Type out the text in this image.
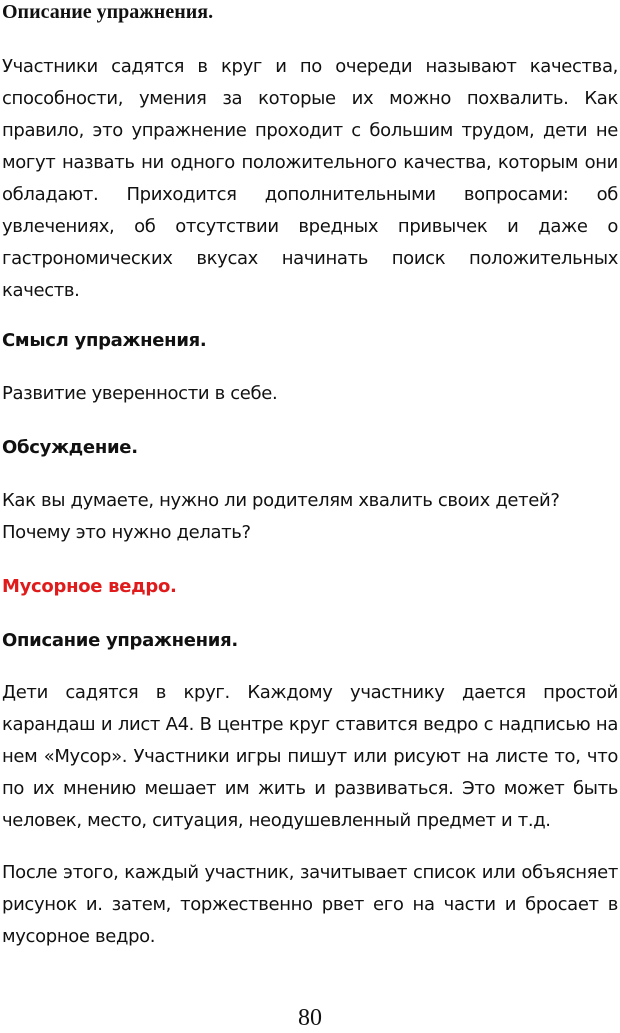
Описание упражнения.

Участники садятся в круг и по очереди называют качества, способности, умения за которые их можно похвалить. Как правило, это упражнение проходит с большим трудом, дети не могут назвать ни одного положительного качества, которым они обладают. Приходится дополнительными вопросами: об увлечениях, об отсутствии вредных привычек и даже о гастрономических вкусах начинать поиск положительных качеств.

Смысл упражнения.

Развитие уверенности в себе.

Обсуждение.

Как вы думаете, нужно ли родителям хвалить своих детей?

Почему это нужно делать?

Мусорное ведро.

Описание упражнения.

Дети садятся в круг. Каждому участнику дается простой карандаш и лист А4. В центре круг ставится ведро с надписью на нем «Мусор». Участники игры пишут или рисуют на листе то, что по их мнению мешает им жить и развиваться. Это может быть человек, место, ситуация, неодушевленный предмет и т.д.

После этого, каждый участник, зачитывает список или объясняет рисунок и. затем, торжественно рвет его на части и бросает в мусорное ведро.

80
